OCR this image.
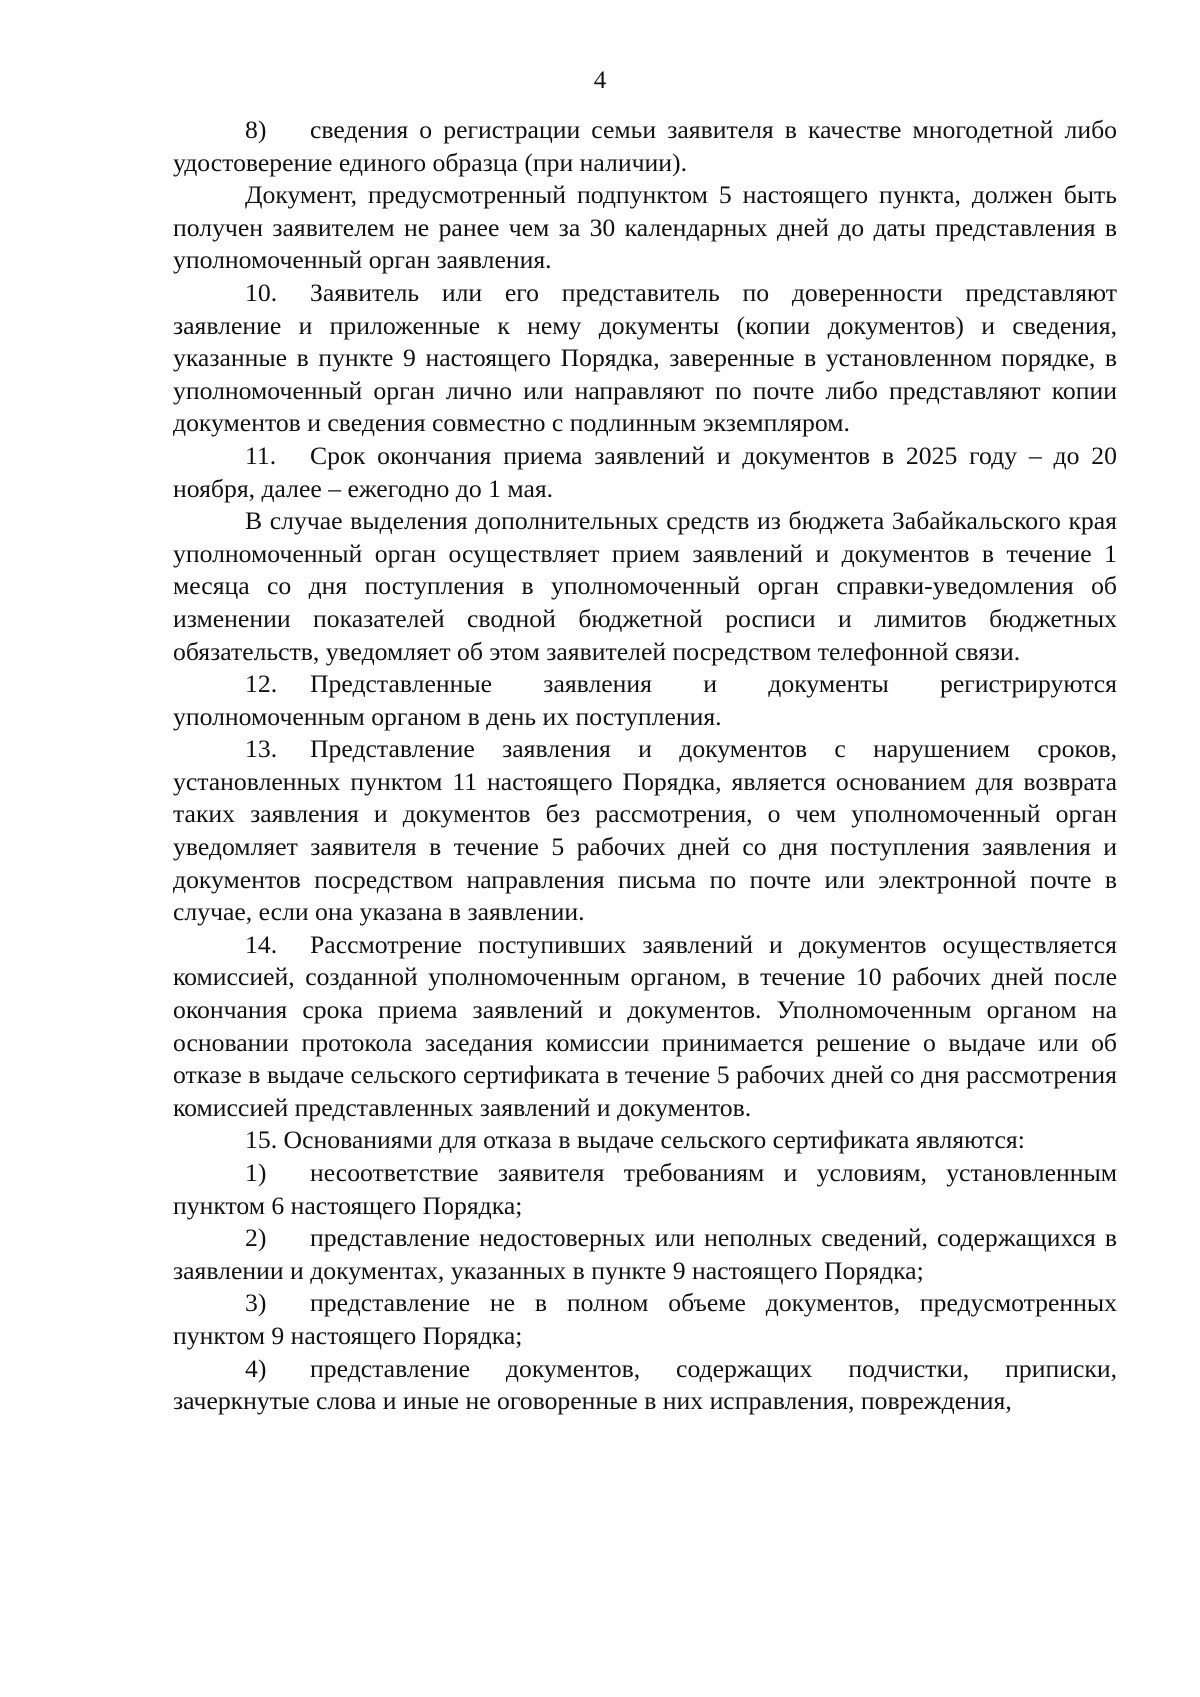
4

8) сведения о регистрации семьи заявителя в качестве многодетной либо удостоверение единого образца (при наличии).

Документ, предусмотренный подпунктом 5 настоящего пункта, должен быть получен заявителем не ранее чем за 30 календарных дней до даты представления в уполномоченный орган заявления.

10. Заявитель или его представитель по доверенности представляют заявление и приложенные к нему документы (копии документов) и сведения, указанные в пункте 9 настоящего Порядка, заверенные в установленном порядке, в уполномоченный орган лично или направляют по почте либо представляют копии документов и сведения совместно с подлинным экземпляром.

11. Срок окончания приема заявлений и документов в 2025 году – до 20 ноября, далее – ежегодно до 1 мая.

В случае выделения дополнительных средств из бюджета Забайкальского края уполномоченный орган осуществляет прием заявлений и документов в течение 1 месяца со дня поступления в уполномоченный орган справки-уведомления об изменении показателей сводной бюджетной росписи и лимитов бюджетных обязательств, уведомляет об этом заявителей посредством телефонной связи.

12. Представленные заявления и документы регистрируются уполномоченным органом в день их поступления.

13. Представление заявления и документов с нарушением сроков, установленных пунктом 11 настоящего Порядка, является основанием для возврата таких заявления и документов без рассмотрения, о чем уполномоченный орган уведомляет заявителя в течение 5 рабочих дней со дня поступления заявления и документов посредством направления письма по почте или электронной почте в случае, если она указана в заявлении.

14. Рассмотрение поступивших заявлений и документов осуществляется комиссией, созданной уполномоченным органом, в течение 10 рабочих дней после окончания срока приема заявлений и документов. Уполномоченным органом на основании протокола заседания комиссии принимается решение о выдаче или об отказе в выдаче сельского сертификата в течение 5 рабочих дней со дня рассмотрения комиссией представленных заявлений и документов.

15. Основаниями для отказа в выдаче сельского сертификата являются:

1) несоответствие заявителя требованиям и условиям, установленным пунктом 6 настоящего Порядка;

2) представление недостоверных или неполных сведений, содержащихся в заявлении и документах, указанных в пункте 9 настоящего Порядка;

3) представление не в полном объеме документов, предусмотренных пунктом 9 настоящего Порядка;

4) представление документов, содержащих подчистки, приписки, зачеркнутые слова и иные не оговоренные в них исправления, повреждения,
